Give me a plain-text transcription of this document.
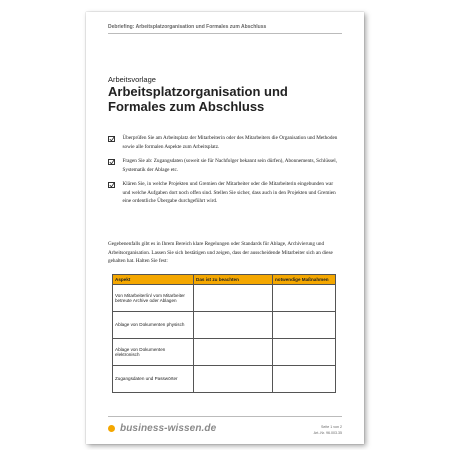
Debriefing: Arbeitsplatzorganisation und Formales zum Abschluss
Arbeitsvorlage
Arbeitsplatzorganisation und Formales zum Abschluss
Überprüfen Sie am Arbeitsplatz der Mitarbeiterin oder des Mitarbeiters die Organisation und Methoden sowie alle formalen Aspekte zum Arbeitsplatz.
Fragen Sie ab: Zugangsdaten (soweit sie für Nachfolger bekannt sein dürfen), Abonnements, Schlüssel, Systematik der Ablage etc.
Klären Sie, in welche Projekten und Gremien der Mitarbeiter oder die Mitarbeiterin eingebunden war und welche Aufgaben dort noch offen sind. Stellen Sie sicher, dass auch in den Projekten und Gremien eine ordentliche Übergabe durchgeführt wird.
Gegebenenfalls gibt es in Ihrem Bereich klare Regelungen oder Standards für Ablage, Archivierung und Arbeitsorganisation. Lassen Sie sich bestätigen und zeigen, dass der ausscheidende Mitarbeiter sich an diese gehalten hat. Halten Sie fest:
Aspekt	Das ist zu beachten	notwendige Maßnahmen
Von Mitarbeiter/in/ vom Mitarbeiter betreute Archive oder Ablagen		
Ablage von Dokumenten physisch		
Ablage von Dokumenten elektronisch		
Zugangsdaten und Passwörter		
business-wissen.de	Seite 1 von 2
Art.-Nr. 96.003.35
